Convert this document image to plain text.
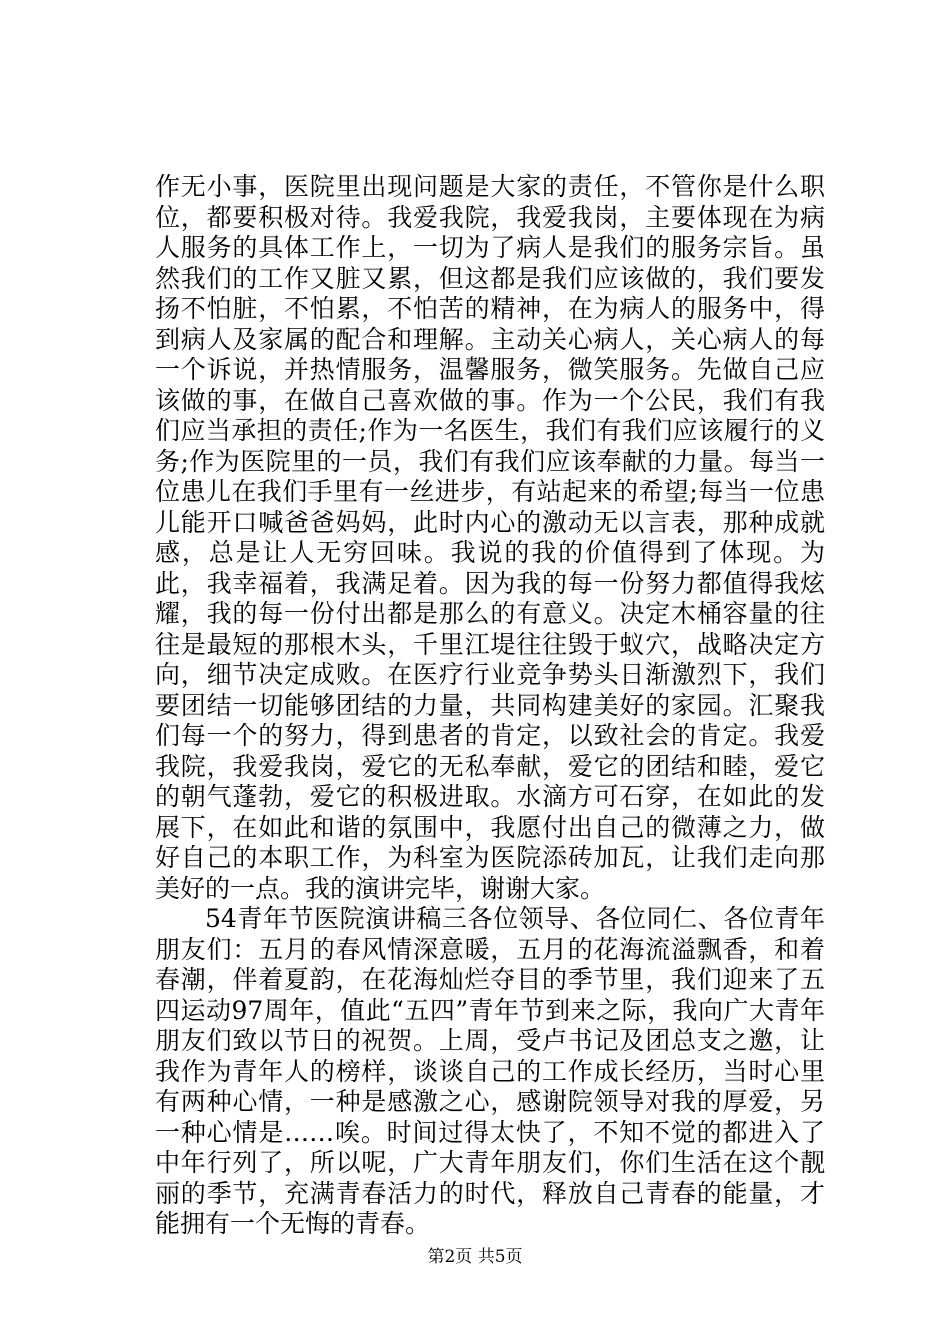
作无小事，医院里出现问题是大家的责任，不管你是什么职位，都要积极对待。我爱我院，我爱我岗，主要体现在为病人服务的具体工作上，一切为了病人是我们的服务宗旨。虽然我们的工作又脏又累，但这都是我们应该做的，我们要发扬不怕脏，不怕累，不怕苦的精神，在为病人的服务中，得到病人及家属的配合和理解。主动关心病人，关心病人的每一个诉说，并热情服务，温馨服务，微笑服务。先做自己应该做的事，在做自己喜欢做的事。作为一个公民，我们有我们应当承担的责任;作为一名医生，我们有我们应该履行的义务;作为医院里的一员，我们有我们应该奉献的力量。每当一位患儿在我们手里有一丝进步，有站起来的希望;每当一位患儿能开口喊爸爸妈妈，此时内心的激动无以言表，那种成就感，总是让人无穷回味。我说的我的价值得到了体现。为此，我幸福着，我满足着。因为我的每一份努力都值得我炫耀，我的每一份付出都是那么的有意义。决定木桶容量的往往是最短的那根木头，千里江堤往往毁于蚁穴，战略决定方向，细节决定成败。在医疗行业竞争势头日渐激烈下，我们要团结一切能够团结的力量，共同构建美好的家园。汇聚我们每一个的努力，得到患者的肯定，以致社会的肯定。我爱我院，我爱我岗，爱它的无私奉献，爱它的团结和睦，爱它的朝气蓬勃，爱它的积极进取。水滴方可石穿，在如此的发展下，在如此和谐的氛围中，我愿付出自己的微薄之力，做好自己的本职工作，为科室为医院添砖加瓦，让我们走向那美好的一点。我的演讲完毕，谢谢大家。

54青年节医院演讲稿三各位领导、各位同仁、各位青年朋友们：五月的春风情深意暖，五月的花海流溢飘香，和着春潮，伴着夏韵，在花海灿烂夺目的季节里，我们迎来了五四运动97周年，值此“五四”青年节到来之际，我向广大青年朋友们致以节日的祝贺。上周，受卢书记及团总支之邀，让我作为青年人的榜样，谈谈自己的工作成长经历，当时心里有两种心情，一种是感激之心，感谢院领导对我的厚爱，另一种心情是……唉。时间过得太快了，不知不觉的都进入了中年行列了，所以呢，广大青年朋友们，你们生活在这个靓丽的季节，充满青春活力的时代，释放自己青春的能量，才能拥有一个无悔的青春。

第2页 共5页
